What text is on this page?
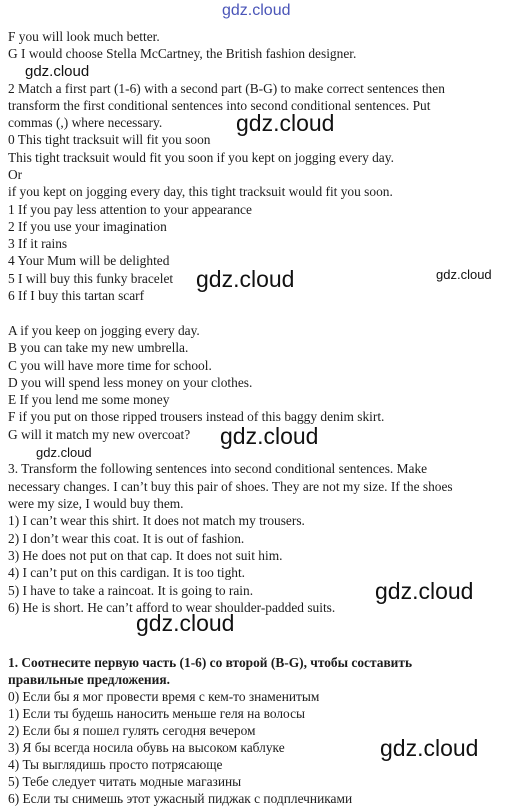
gdz.cloud
F you will look much better.
G I would choose Stella McCartney, the British fashion designer.
gdz.cloud
2 Match a first part (1-6) with a second part (B-G) to make correct sentences then
transform the first conditional sentences into second conditional sentences. Put
commas (,) where necessary.	gdz.cloud
0 This tight tracksuit will fit you soon
This tight tracksuit would fit you soon if you kept on jogging every day.
Or
if you kept on jogging every day, this tight tracksuit would fit you soon.
1 If you pay less attention to your appearance
2 If you use your imagination
3 If it rains
4 Your Mum will be delighted
5 I will buy this funky bracelet gdz.cloud	gdz.cloud
6 If I buy this tartan scarf
A if you keep on jogging every day.
B you can take my new umbrella.
C you will have more time for school.
D you will spend less money on your clothes.
E If you lend me some money
F if you put on those ripped trousers instead of this baggy denim skirt.
G will it match my new overcoat? gdz.cloud
gdz.cloud
3. Transform the following sentences into second conditional sentences. Make
necessary changes. I can’t buy this pair of shoes. They are not my size. If the shoes
were my size, I would buy them.
1) I can’t wear this shirt. It does not match my trousers.
2) I don’t wear this coat. It is out of fashion.
3) He does not put on that cap. It does not suit him.
4) I can’t put on this cardigan. It is too tight.
5) I have to take a raincoat. It is going to rain.	gdz.cloud
6) He is short. He can’t afford to wear shoulder-padded suits.
gdz.cloud
1. Соотнесите первую часть (1-6) со второй (B-G), чтобы составить
правильные предложения.
0) Если бы я мог провести время с кем-то знаменитым
1) Если ты будешь наносить меньше геля на волосы
2) Если бы я пошел гулять сегодня вечером
3) Я бы всегда носила обувь на высоком каблуке	gdz.cloud
4) Ты выглядишь просто потрясающе
5) Тебе следует читать модные магазины
6) Если ты снимешь этот ужасный пиджак с подплечниками
